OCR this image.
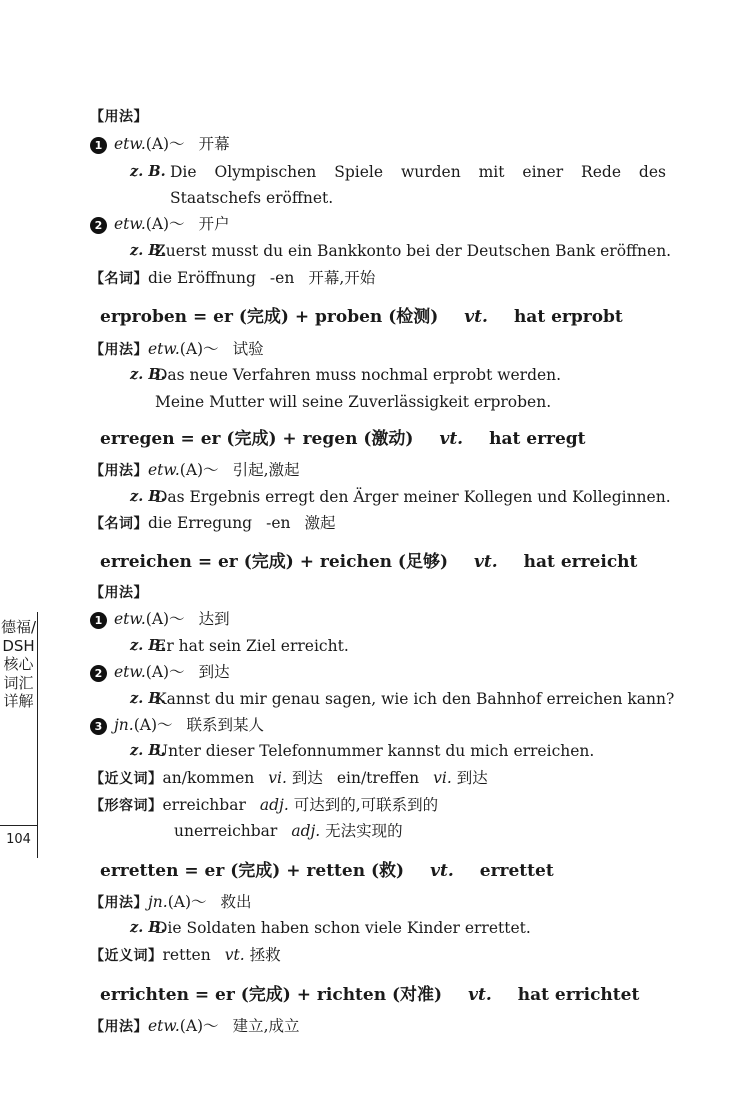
【用法】
1 etw.(A)～ 开幕
z. B. Die Olympischen Spiele wurden mit einer Rede des
Staatschefs eröffnet.
2 etw.(A)～ 开户
z. B.
Zuerst musst du ein Bankkonto bei der Deutschen Bank eröffnen.
【名词】die Eröffnung -en 开幕,开始
erproben = er (完成) + proben (检测) vt. hat erprobt
【用法】etw.(A)～ 试验
z. B.
Das neue Verfahren muss nochmal erprobt werden.
Meine Mutter will seine Zuverlässigkeit erproben.
erregen = er (完成) + regen (激动) vt. hat erregt
【用法】etw.(A)～ 引起,激起
z. B.
Das Ergebnis erregt den Ärger meiner Kollegen und Kolleginnen.
【名词】die Erregung -en 激起
erreichen = er (完成) + reichen (足够) vt. hat erreicht
【用法】
1 etw.(A)～ 达到
z. B.
Er hat sein Ziel erreicht.
2 etw.(A)～ 到达
z. B.
Kannst du mir genau sagen, wie ich den Bahnhof erreichen kann?
3 jn.(A)～ 联系到某人
z. B.
Unter dieser Telefonnummer kannst du mich erreichen.
【近义词】an/kommen vi. 到达 ein/treffen vi. 到达
【形容词】erreichbar adj. 可达到的,可联系到的
unerreichbar adj. 无法实现的
erretten = er (完成) + retten (救) vt. errettet
【用法】jn.(A)～ 救出
z. B.
Die Soldaten haben schon viele Kinder errettet.
【近义词】retten vt. 拯救
errichten = er (完成) + richten (对准) vt. hat errichtet
【用法】etw.(A)～ 建立,成立
德福/DSH核心词汇详解
104
